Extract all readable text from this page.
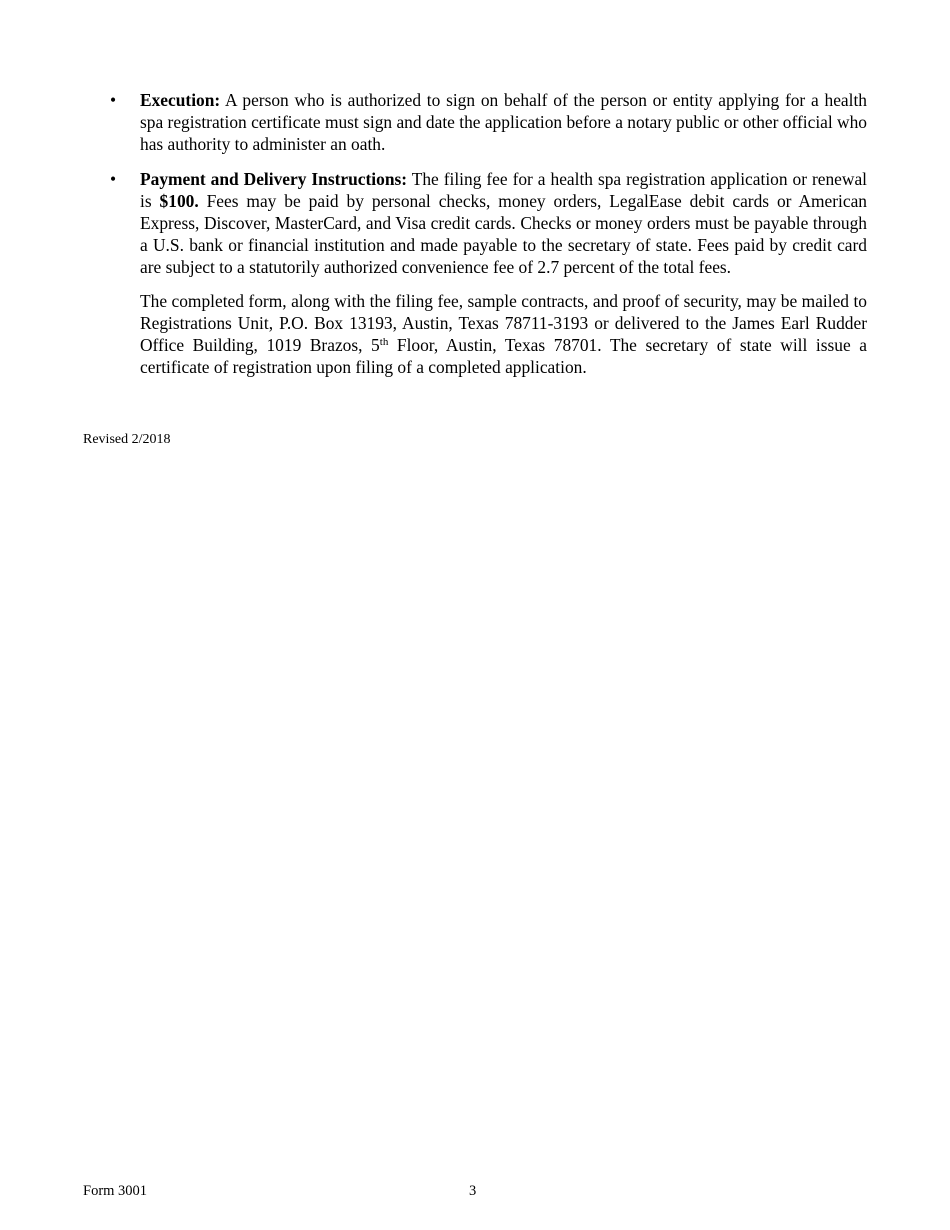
• Execution: A person who is authorized to sign on behalf of the person or entity applying for a health spa registration certificate must sign and date the application before a notary public or other official who has authority to administer an oath.

• Payment and Delivery Instructions: The filing fee for a health spa registration application or renewal is $100. Fees may be paid by personal checks, money orders, LegalEase debit cards or American Express, Discover, MasterCard, and Visa credit cards. Checks or money orders must be payable through a U.S. bank or financial institution and made payable to the secretary of state. Fees paid by credit card are subject to a statutorily authorized convenience fee of 2.7 percent of the total fees.

The completed form, along with the filing fee, sample contracts, and proof of security, may be mailed to Registrations Unit, P.O. Box 13193, Austin, Texas 78711-3193 or delivered to the James Earl Rudder Office Building, 1019 Brazos, 5th Floor, Austin, Texas 78701. The secretary of state will issue a certificate of registration upon filing of a completed application.

Revised 2/2018
Form 3001	3
